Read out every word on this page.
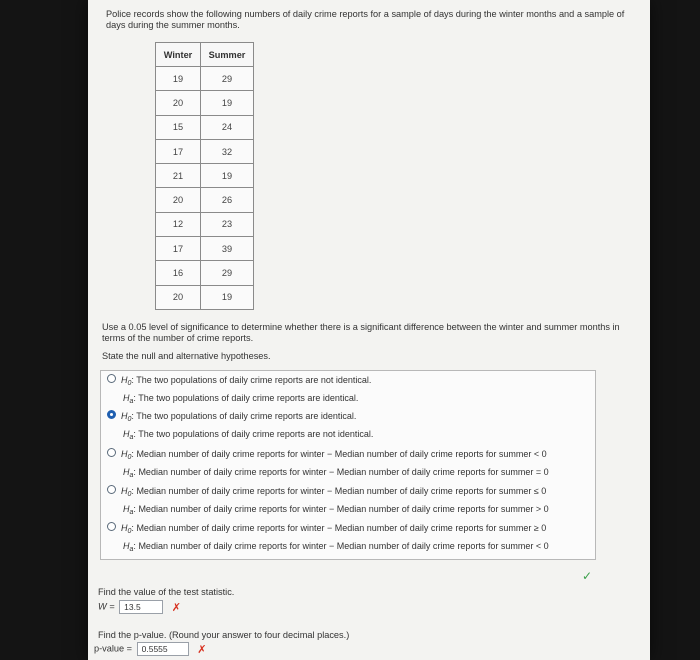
Police records show the following numbers of daily crime reports for a sample of days during the winter months and a sample of days during the summer months.
Winter	Summer
19	29
20	19
15	24
17	32
21	19
20	26
12	23
17	39
16	29
20	19
Use a 0.05 level of significance to determine whether there is a significant difference between the winter and summer months in terms of the number of crime reports.
State the null and alternative hypotheses.
$H_0$: The two populations of daily crime reports are not identical.
$H_a$: The two populations of daily crime reports are identical.
$H_0$: The two populations of daily crime reports are identical.
$H_a$: The two populations of daily crime reports are not identical.
$H_0$: Median number of daily crime reports for winter − Median number of daily crime reports for summer < 0
$H_a$: Median number of daily crime reports for winter − Median number of daily crime reports for summer = 0
$H_0$: Median number of daily crime reports for winter − Median number of daily crime reports for summer ≤ 0
$H_a$: Median number of daily crime reports for winter − Median number of daily crime reports for summer > 0
$H_0$: Median number of daily crime reports for winter − Median number of daily crime reports for summer ≥ 0
$H_a$: Median number of daily crime reports for winter − Median number of daily crime reports for summer < 0
✓
Find the value of the test statistic.
W = 13.5	✗
Find the p-value. (Round your answer to four decimal places.)
p-value = 0.5555	✗
